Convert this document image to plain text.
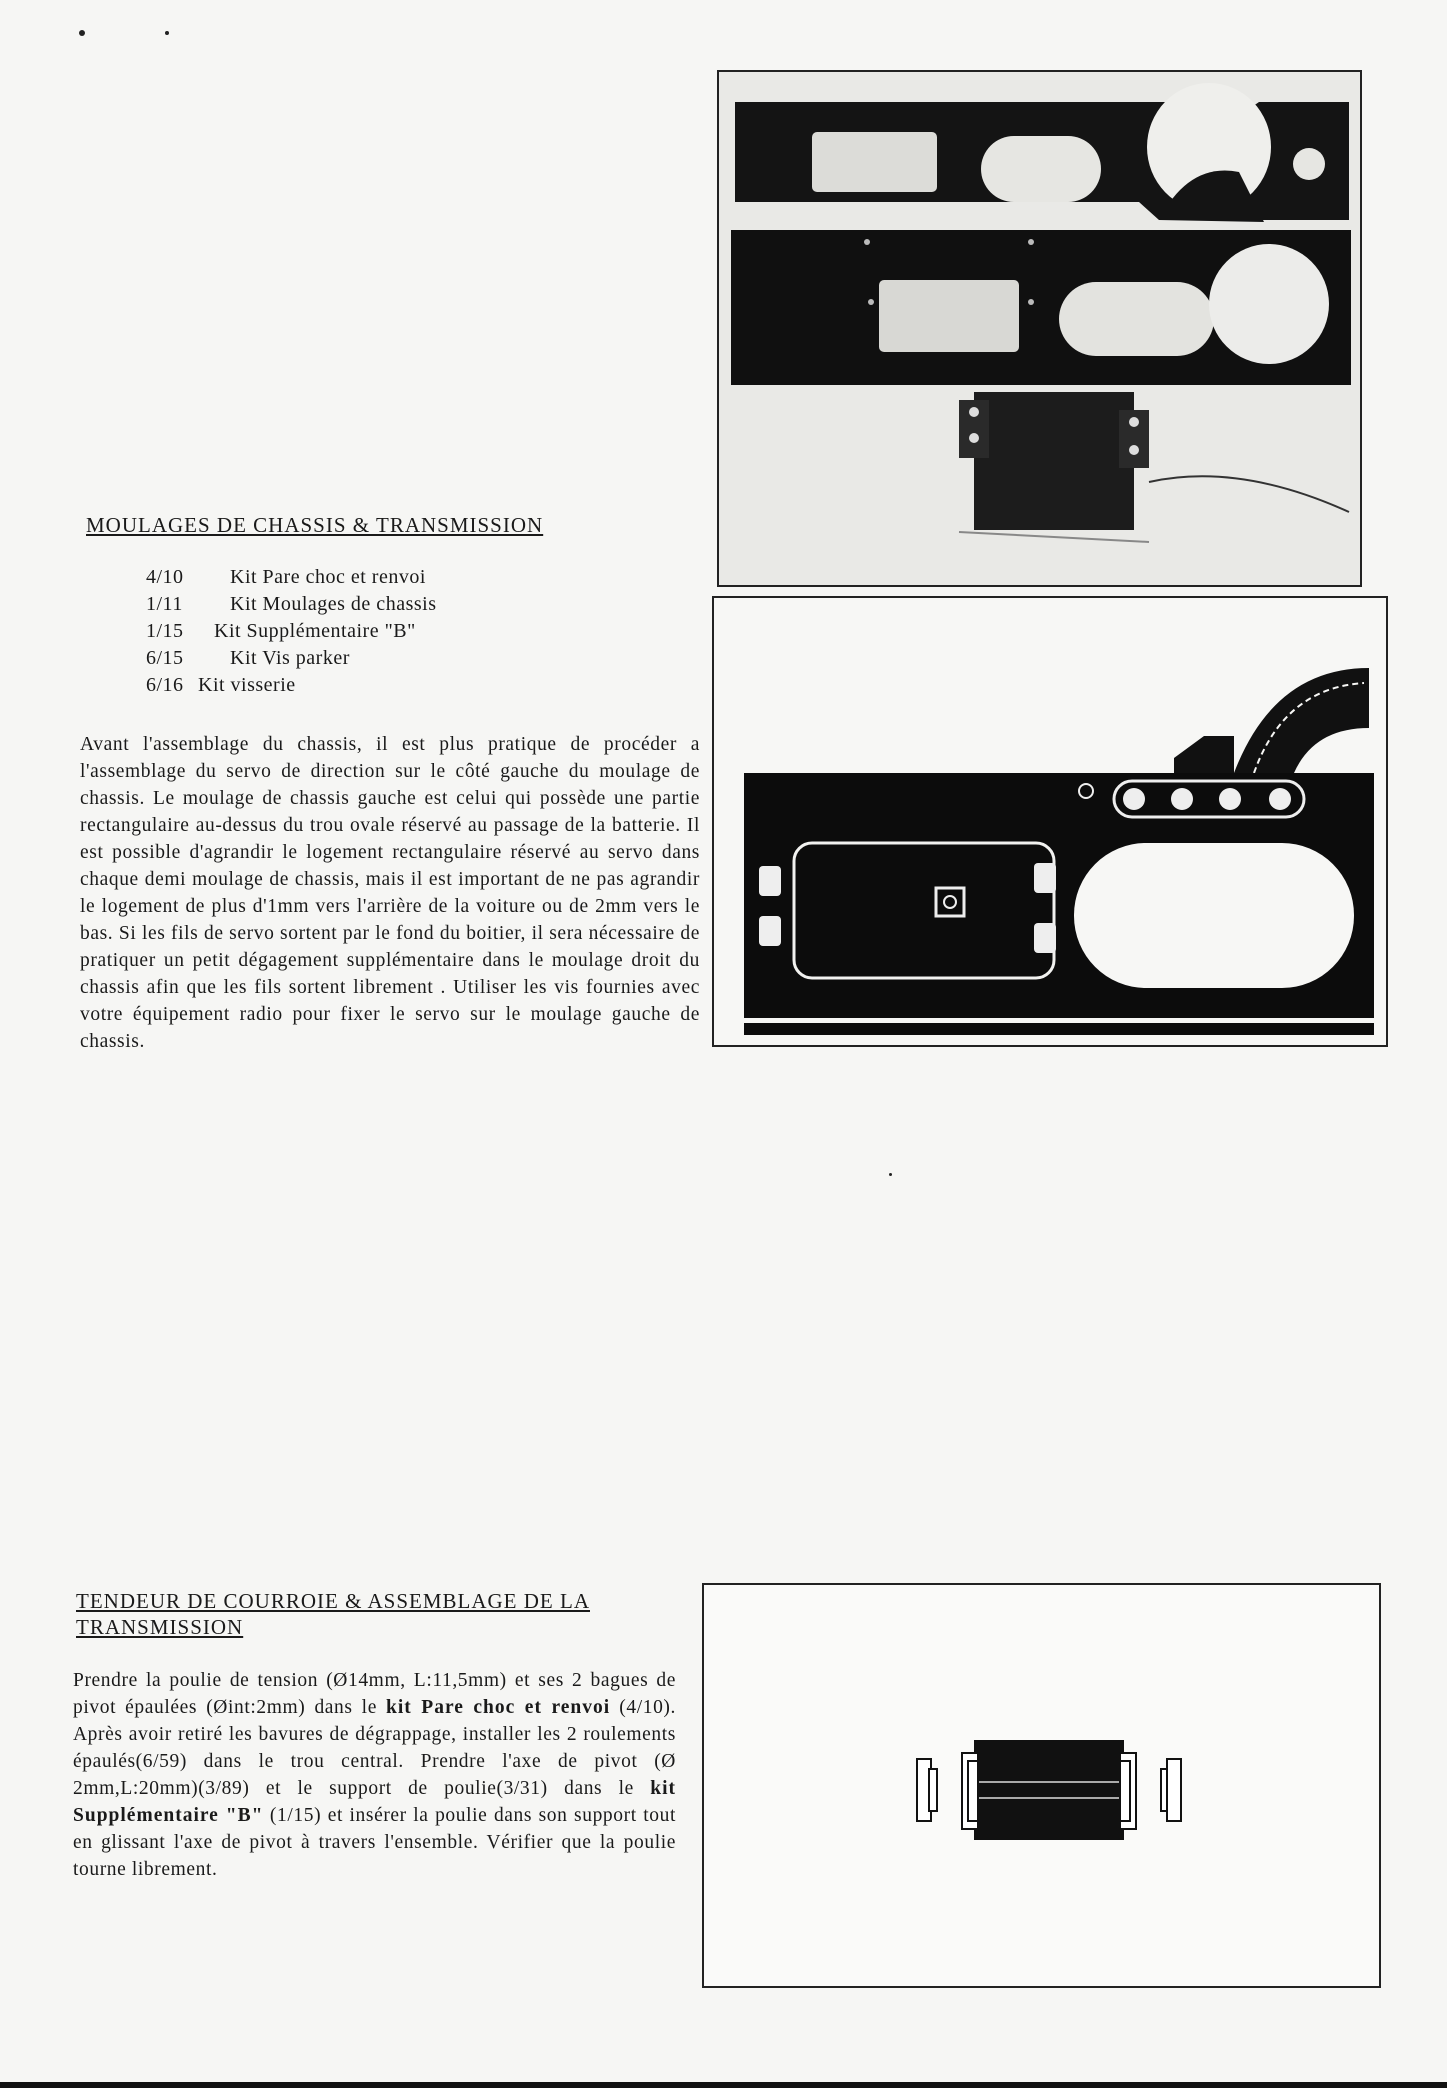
MOULAGES DE CHASSIS & TRANSMISSION
4/10	Kit Pare choc et renvoi
1/11	Kit Moulages de chassis
1/15	Kit Supplémentaire "B"
6/15	Kit Vis parker
6/16 Kit visserie

Avant l'assemblage du chassis, il est plus pratique de procéder a l'assemblage du servo de direction sur le côté gauche du moulage de chassis. Le moulage de chassis gauche est celui qui possède une partie rectangulaire au-dessus du trou ovale réservé au passage de la batterie. Il est possible d'agrandir le logement rectangulaire réservé au servo dans chaque demi moulage de chassis, mais il est important de ne pas agrandir le logement de plus d'1mm vers l'arrière de la voiture ou de 2mm vers le bas. Si les fils de servo sortent par le fond du boitier, il sera nécessaire de pratiquer un petit dégagement supplémentaire dans le moulage droit du chassis afin que les fils sortent librement . Utiliser les vis fournies avec votre équipement radio pour fixer le servo sur le moulage gauche de chassis.

TENDEUR DE COURROIE & ASSEMBLAGE DE LA
TRANSMISSION

Prendre la poulie de tension (Ø14mm, L:11,5mm) et ses 2 bagues de pivot épaulées (Øint:2mm) dans le kit Pare choc et renvoi (4/10). Après avoir retiré les bavures de dégrappage, installer les 2 roulements épaulés(6/59) dans le trou central. Prendre l'axe de pivot (Ø 2mm,L:20mm)(3/89) et le support de poulie(3/31) dans le kit Supplémentaire "B" (1/15) et insérer la poulie dans son support tout en glissant l'axe de pivot à travers l'ensemble. Vérifier que la poulie tourne librement.
